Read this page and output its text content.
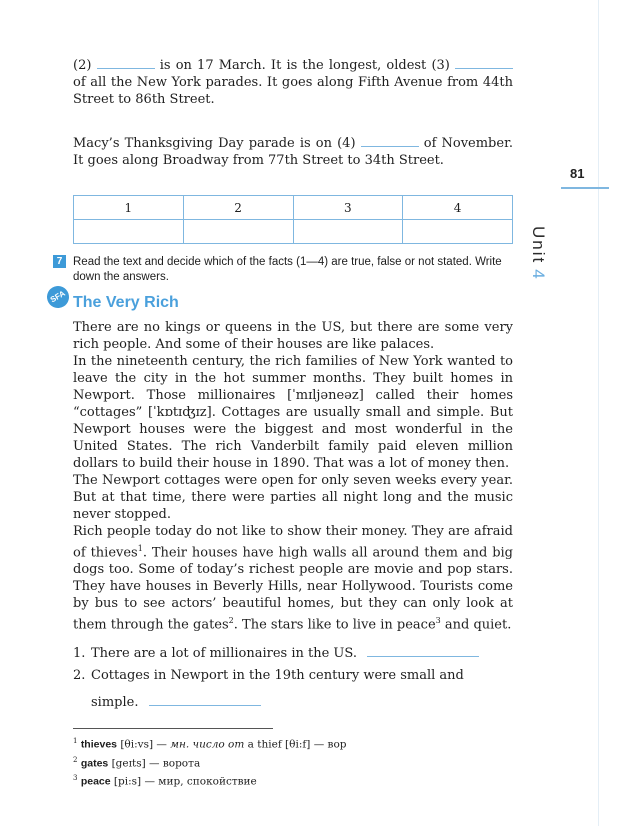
(2)	is on 17 March. It is the longest, oldest (3)  of all the New York parades. It goes along Fifth Avenue from 44th Street to 86th Street.
Macy’s Thanksgiving Day parade is on (4)	of November. It goes along Broadway from 77th Street to 34th Street.
1	2	3	4

81
Unit4
7 Read the text and decide which of the facts (1—4) are true, false or not stated. Write down the answers.
SFA The Very Rich

There are no kings or queens in the US, but there are some very rich people. And some of their houses are like palaces.

In the nineteenth century, the rich families of New York wanted to leave the city in the hot summer months. They built homes in Newport. Those millionaires [ˈmɪljəneəz] called their homes “cottages” [ˈkɒtɪʤɪz]. Cottages are usually small and simple. But Newport houses were the biggest and most wonderful in the United States. The rich Vanderbilt family paid eleven million dollars to build their house in 1890. That was a lot of money then.

The Newport cottages were open for only seven weeks every year. But at that time, there were parties all night long and the music never stopped.

Rich people today do not like to show their money. They are afraid of thieves$^1$. Their houses have high walls all around them and big dogs too. Some of today’s richest people are movie and pop stars. They have houses in Beverly Hills, near Hollywood. Tourists come by bus to see actors’ beautiful homes, but they can only look at them through the gates$^2$. The stars like to live in peace$^3$ and quiet.

1. There are a lot of millionaires in the US.
2. Cottages in Newport in the 19th century were small and
simple.
$^1$ thieves [θi:vs] — мн. число от a thief [θi:f] — вор
$^2$ gates [geɪts] — ворота
$^3$ peace [pi:s] — мир, спокойствие
